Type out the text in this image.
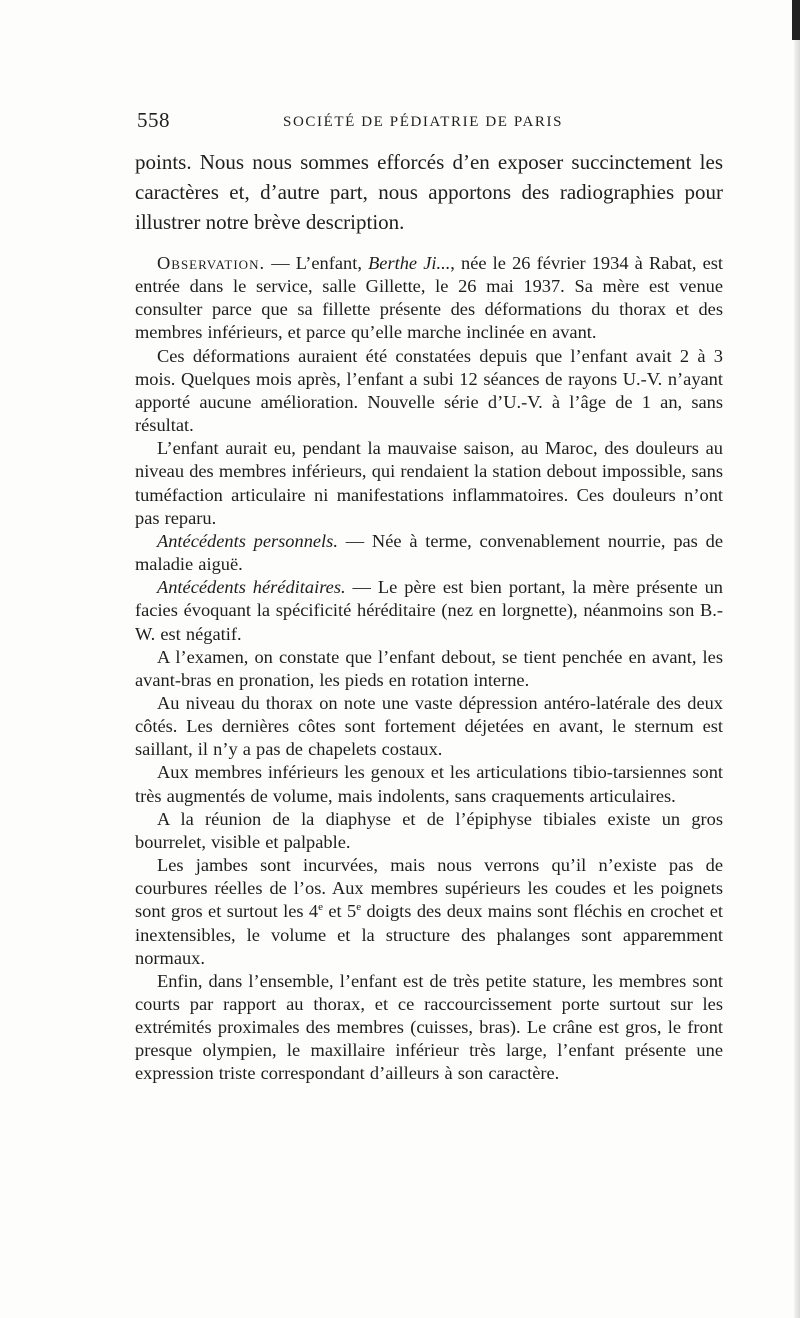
558	SOCIÉTÉ DE PÉDIATRIE DE PARIS

points. Nous nous sommes efforcés d’en exposer succinctement les caractères et, d’autre part, nous apportons des radiographies pour illustrer notre brève description.

Observation. — L’enfant, Berthe Ji..., née le 26 février 1934 à Rabat, est entrée dans le service, salle Gillette, le 26 mai 1937. Sa mère est venue consulter parce que sa fillette présente des déformations du thorax et des membres inférieurs, et parce qu’elle marche inclinée en avant.

Ces déformations auraient été constatées depuis que l’enfant avait 2 à 3 mois. Quelques mois après, l’enfant a subi 12 séances de rayons U.-V. n’ayant apporté aucune amélioration. Nouvelle série d’U.-V. à l’âge de 1 an, sans résultat.

L’enfant aurait eu, pendant la mauvaise saison, au Maroc, des douleurs au niveau des membres inférieurs, qui rendaient la station debout impossible, sans tuméfaction articulaire ni manifestations inflammatoires. Ces douleurs n’ont pas reparu.

Antécédents personnels. — Née à terme, convenablement nourrie, pas de maladie aiguë.

Antécédents héréditaires. — Le père est bien portant, la mère présente un facies évoquant la spécificité héréditaire (nez en lorgnette), néanmoins son B.-W. est négatif.

A l’examen, on constate que l’enfant debout, se tient penchée en avant, les avant-bras en pronation, les pieds en rotation interne.

Au niveau du thorax on note une vaste dépression antéro-latérale des deux côtés. Les dernières côtes sont fortement déjetées en avant, le sternum est saillant, il n’y a pas de chapelets costaux.

Aux membres inférieurs les genoux et les articulations tibio-tarsiennes sont très augmentés de volume, mais indolents, sans craquements articulaires.

A la réunion de la diaphyse et de l’épiphyse tibiales existe un gros bourrelet, visible et palpable.

Les jambes sont incurvées, mais nous verrons qu’il n’existe pas de courbures réelles de l’os. Aux membres supérieurs les coudes et les poignets sont gros et surtout les 4e et 5e doigts des deux mains sont fléchis en crochet et inextensibles, le volume et la structure des phalanges sont apparemment normaux.

Enfin, dans l’ensemble, l’enfant est de très petite stature, les membres sont courts par rapport au thorax, et ce raccourcissement porte surtout sur les extrémités proximales des membres (cuisses, bras). Le crâne est gros, le front presque olympien, le maxillaire inférieur très large, l’enfant présente une expression triste correspondant d’ailleurs à son caractère.
